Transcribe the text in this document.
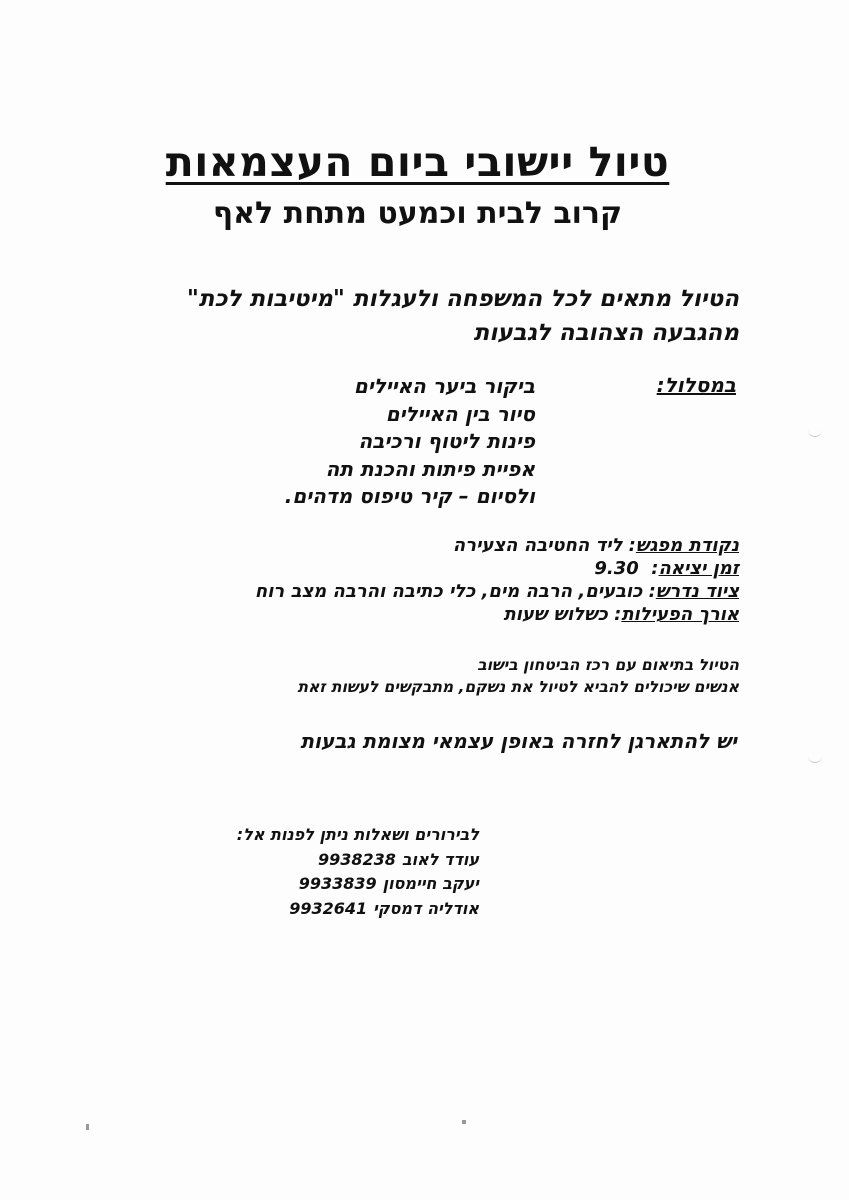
טיול יישובי ביום העצמאות
קרוב לבית וכמעט מתחת לאף
הטיול מתאים לכל המשפחה ולעגלות "מיטיבות לכת" מהגבעה הצהובה לגבעות
במסלול:
ביקור ביער האיילים
סיור בין האיילים
פינות ליטוף ורכיבה
אפיית פיתות והכנת תה
ולסיום – קיר טיפוס מדהים.
נקודת מפגש: ליד החטיבה הצעירה
זמן יציאה:  9.30
ציוד נדרש: כובעים, הרבה מים, כלי כתיבה והרבה מצב רוח
אורך הפעילות: כשלוש שעות
הטיול בתיאום עם רכז הביטחון בישוב
אנשים שיכולים להביא לטיול את נשקם, מתבקשים לעשות זאת
יש להתארגן לחזרה באופן עצמאי מצומת גבעות
לבירורים ושאלות ניתן לפנות אל:
עודד לאוב9938238
יעקב חיימסון9933839
אודליה דמסקי9932641
